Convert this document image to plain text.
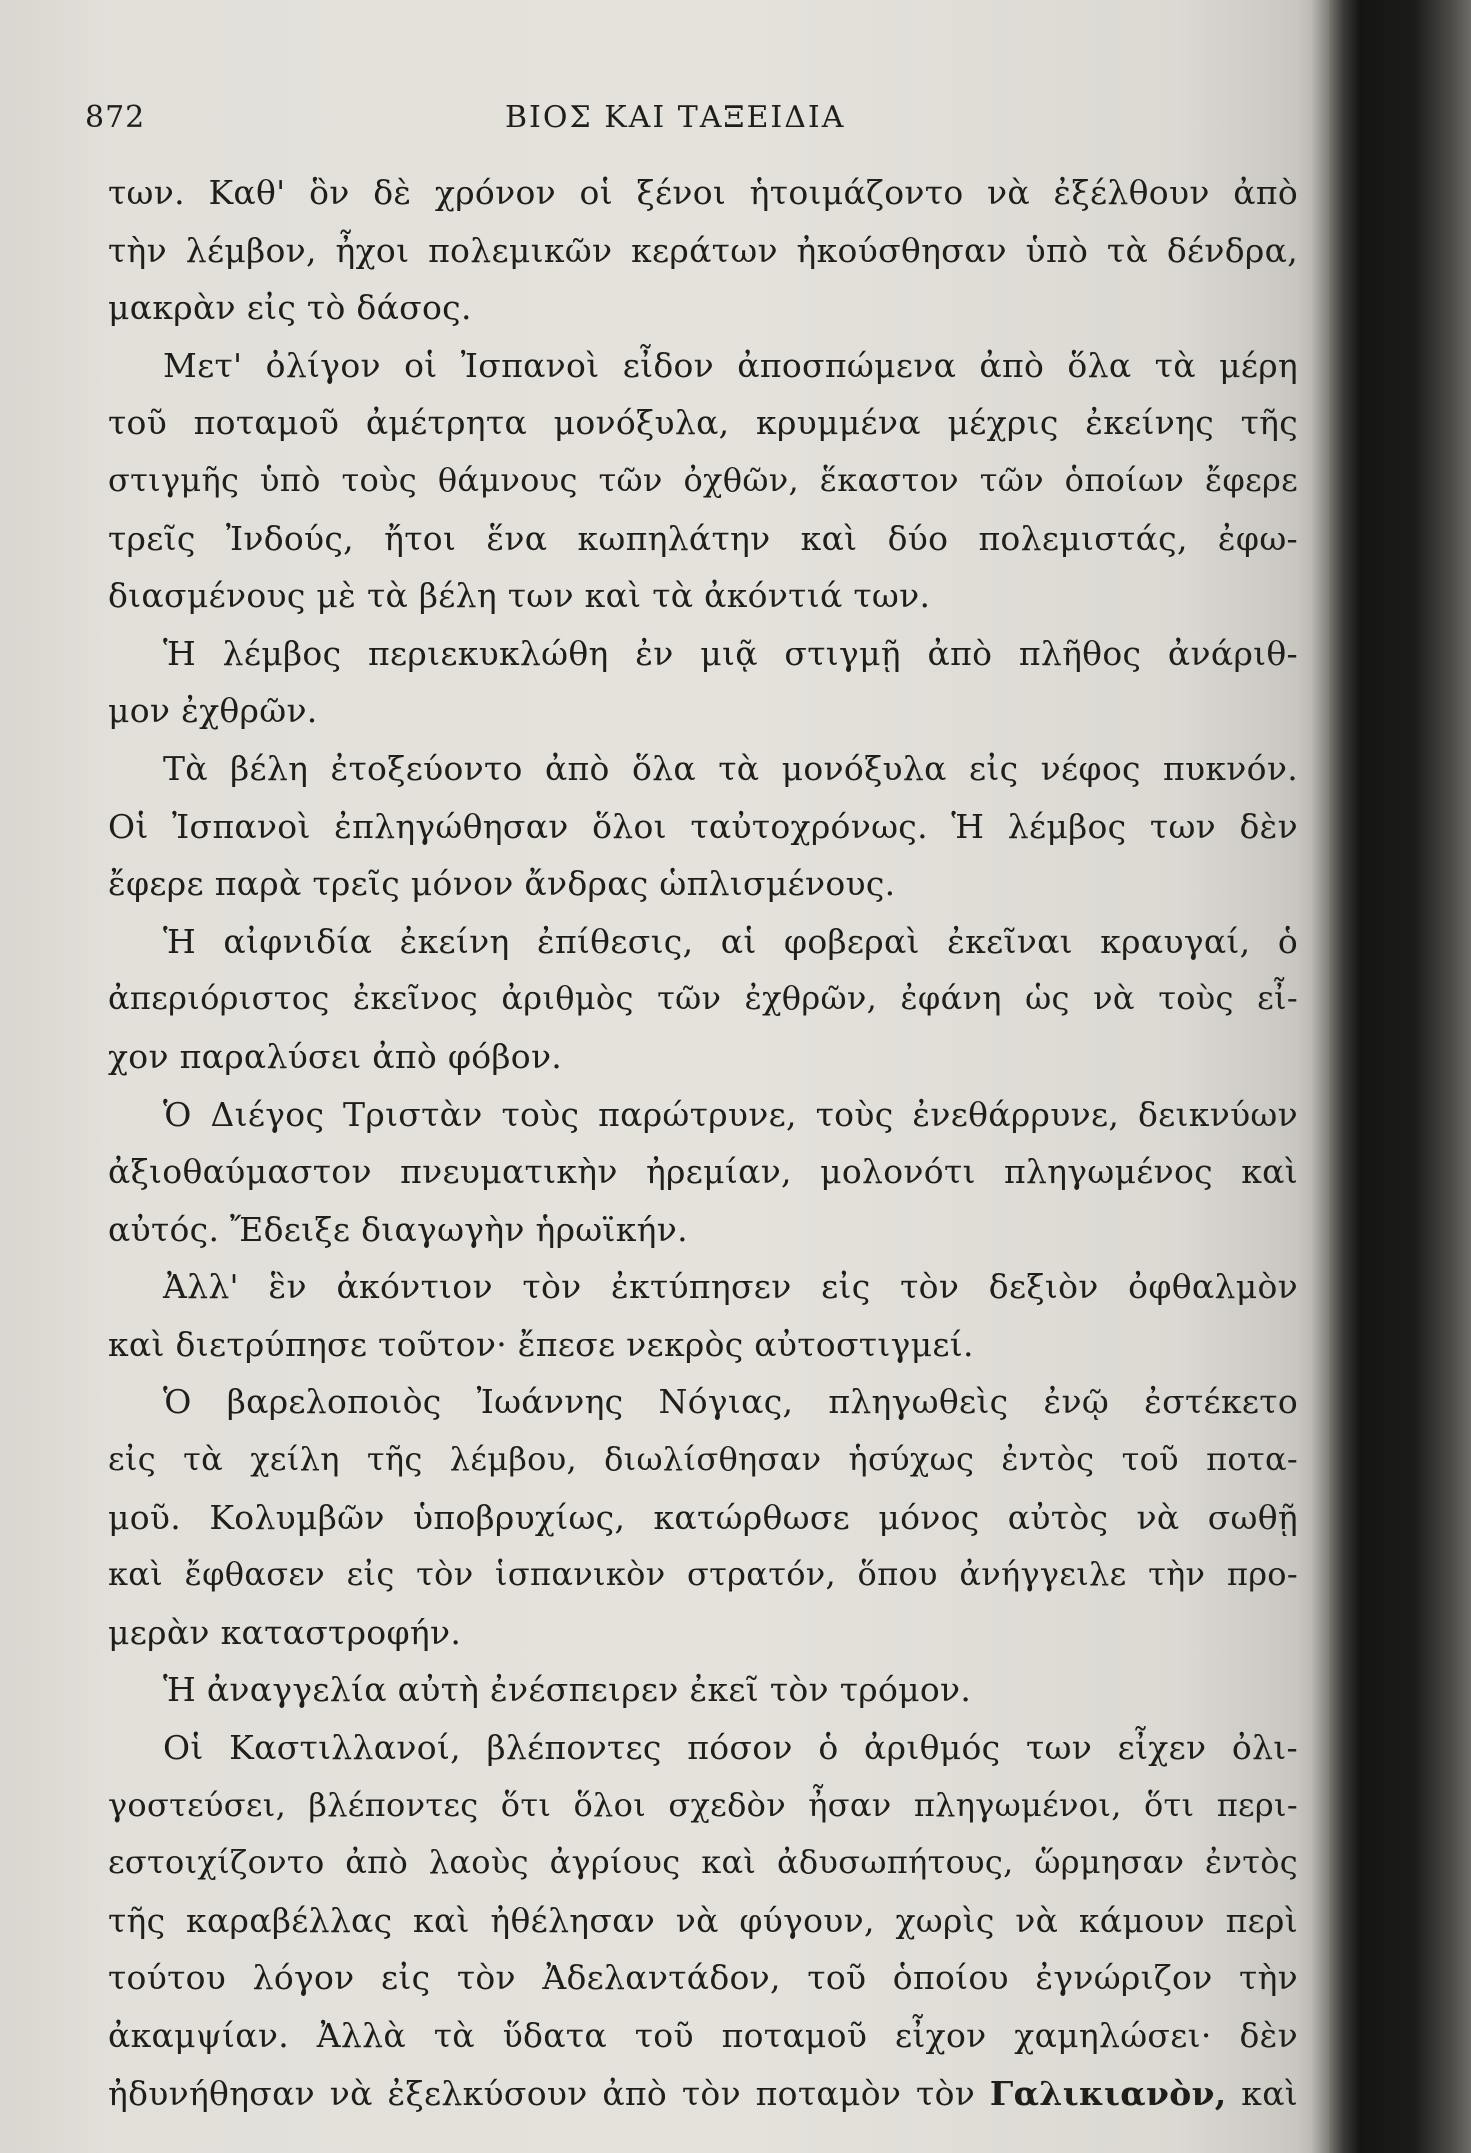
872	ΒΙΟΣ ΚΑΙ ΤΑΞΕΙΔΙΑ
των. Καθ' ὃν δὲ χρόνον οἱ ξένοι ἡτοιμάζοντο νὰ ἐξέλθουν ἀπὸ
τὴν λέμβον, ἦχοι πολεμικῶν κεράτων ἠκούσθησαν ὑπὸ τὰ δένδρα,
μακρὰν εἰς τὸ δάσος.
Μετ' ὀλίγον οἱ Ἰσπανοὶ εἶδον ἀποσπώμενα ἀπὸ ὅλα τὰ μέρη
τοῦ ποταμοῦ ἀμέτρητα μονόξυλα, κρυμμένα μέχρις ἐκείνης τῆς
στιγμῆς ὑπὸ τοὺς θάμνους τῶν ὀχθῶν, ἕκαστον τῶν ὁποίων ἔφερε
τρεῖς Ἰνδούς, ἤτοι ἕνα κωπηλάτην καὶ δύο πολεμιστάς, ἐφω-
διασμένους μὲ τὰ βέλη των καὶ τὰ ἀκόντιά των.
Ἡ λέμβος περιεκυκλώθη ἐν μιᾷ στιγμῇ ἀπὸ πλῆθος ἀνάριθ-
μον ἐχθρῶν.
Τὰ βέλη ἐτοξεύοντο ἀπὸ ὅλα τὰ μονόξυλα εἰς νέφος πυκνόν.
Οἱ Ἰσπανοὶ ἐπληγώθησαν ὅλοι ταὐτοχρόνως. Ἡ λέμβος των δὲν
ἔφερε παρὰ τρεῖς μόνον ἄνδρας ὡπλισμένους.
Ἡ αἰφνιδία ἐκείνη ἐπίθεσις, αἱ φοβεραὶ ἐκεῖναι κραυγαί, ὁ
ἀπεριόριστος ἐκεῖνος ἀριθμὸς τῶν ἐχθρῶν, ἐφάνη ὡς νὰ τοὺς εἶ-
χον παραλύσει ἀπὸ φόβον.
Ὁ Διέγος Τριστὰν τοὺς παρώτρυνε, τοὺς ἐνεθάρρυνε, δεικνύων
ἀξιοθαύμαστον πνευματικὴν ἠρεμίαν, μολονότι πληγωμένος καὶ
αὐτός. Ἔδειξε διαγωγὴν ἡρωϊκήν.
Ἀλλ' ἓν ἀκόντιον τὸν ἐκτύπησεν εἰς τὸν δεξιὸν ὀφθαλμὸν
καὶ διετρύπησε τοῦτον· ἔπεσε νεκρὸς αὐτοστιγμεί.
Ὁ βαρελοποιὸς Ἰωάννης Νόγιας, πληγωθεὶς ἐνῷ ἐστέκετο
εἰς τὰ χείλη τῆς λέμβου, διωλίσθησαν ἡσύχως ἐντὸς τοῦ ποτα-
μοῦ. Κολυμβῶν ὑποβρυχίως, κατώρθωσε μόνος αὐτὸς νὰ σωθῇ
καὶ ἔφθασεν εἰς τὸν ἱσπανικὸν στρατόν, ὅπου ἀνήγγειλε τὴν προ-
μερὰν καταστροφήν.
Ἡ ἀναγγελία αὐτὴ ἐνέσπειρεν ἐκεῖ τὸν τρόμον.
Οἱ Καστιλλανοί, βλέποντες πόσον ὁ ἀριθμός των εἶχεν ὀλι-
γοστεύσει, βλέποντες ὅτι ὅλοι σχεδὸν ἦσαν πληγωμένοι, ὅτι περι-
εστοιχίζοντο ἀπὸ λαοὺς ἀγρίους καὶ ἀδυσωπήτους, ὥρμησαν ἐντὸς
τῆς καραβέλλας καὶ ἠθέλησαν νὰ φύγουν, χωρὶς νὰ κάμουν περὶ
τούτου λόγον εἰς τὸν Ἀδελαντάδον, τοῦ ὁποίου ἐγνώριζον τὴν
ἀκαμψίαν. Ἀλλὰ τὰ ὕδατα τοῦ ποταμοῦ εἶχον χαμηλώσει· δὲν
ἠδυνήθησαν νὰ ἐξελκύσουν ἀπὸ τὸν ποταμὸν τὸν Γαλικιανὸν, καὶ
